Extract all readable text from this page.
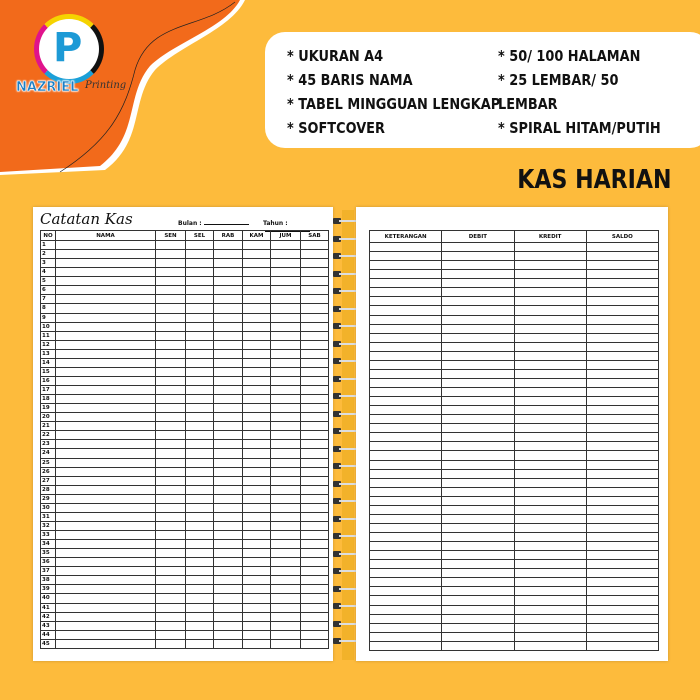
P
NAZRIEL Printing
* UKURAN A4
* 45 BARIS NAMA
* TABEL MINGGUAN LENGKAP
* SOFTCOVER
* 50/ 100 HALAMAN
* 25 LEMBAR/ 50 LEMBAR
* SPIRAL HITAM/PUTIH
Catatan Kas	Bulan :	Tahun :
NO	NAMA	SEN	SEL	RAB	KAM	JUM	SAB
1							
2							
3							
4							
5							
6							
7							
8							
9							
10							
11							
12							
13							
14							
15							
16							
17							
18							
19							
20							
21							
22							
23							
24							
25							
26							
27							
28							
29							
30							
31							
32							
33							
34							
35							
36							
37							
38							
39							
40							
41							
42							
43							
44							
45							
KETERANGAN	DEBIT	KREDIT	SALDO

KAS HARIAN
